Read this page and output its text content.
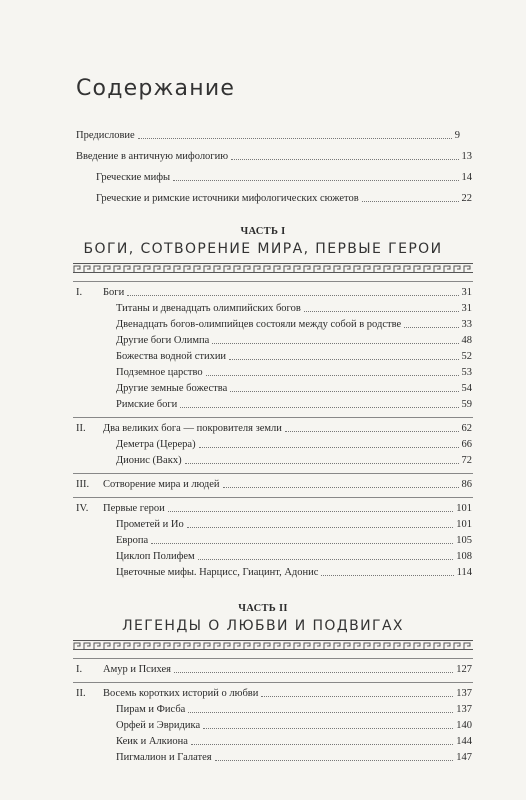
Содержание
Предисловие	9
Введение в античную мифологию	13
Греческие мифы	14
Греческие и римские источники мифологических сюжетов	22
ЧАСТЬ I
БОГИ, СОТВОРЕНИЕ МИРА, ПЕРВЫЕ ГЕРОИ
I. Боги	31
Титаны и двенадцать олимпийских богов	31
Двенадцать богов-олимпийцев состояли между собой в родстве	33
Другие боги Олимпа	48
Божества водной стихии	52
Подземное царство	53
Другие земные божества	54
Римские боги	59
II. Два великих бога — покровителя земли	62
Деметра (Церера)	66
Дионис (Вакх)	72
III. Сотворение мира и людей	86
IV. Первые герои	101
Прометей и Ио	101
Европа	105
Циклоп Полифем	108
Цветочные мифы. Нарцисс, Гиацинт, Адонис	114
ЧАСТЬ II
ЛЕГЕНДЫ О ЛЮБВИ И ПОДВИГАХ
I. Амур и Психея	127
II. Восемь коротких историй о любви	137
Пирам и Фисба	137
Орфей и Эвридика	140
Кеик и Алкиона	144
Пигмалион и Галатея	147
